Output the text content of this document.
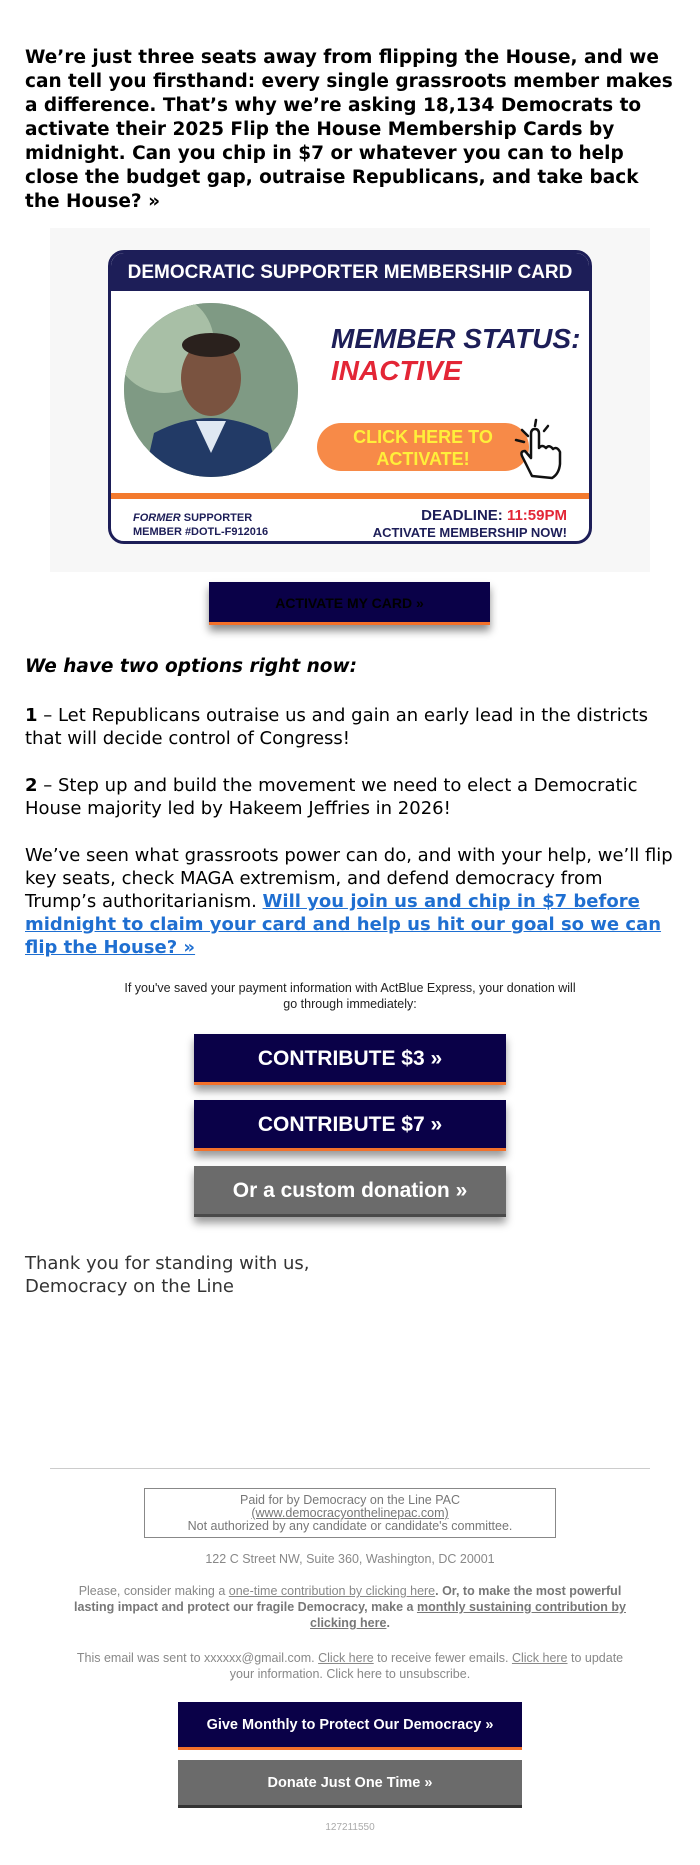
We’re just three seats away from flipping the House, and we can tell you firsthand: every single grassroots member makes a difference. That’s why we’re asking 18,134 Democrats to activate their 2025 Flip the House Membership Cards by midnight. Can you chip in $7 or whatever you can to help close the budget gap, outraise Republicans, and take back the House? »
DEMOCRATIC SUPPORTER MEMBERSHIP CARD
MEMBER STATUS:
INACTIVE
CLICK HERE TO
ACTIVATE!
FORMER SUPPORTER
MEMBER #DOTL-F912016
DEADLINE: 11:59PM
ACTIVATE MEMBERSHIP NOW!
ACTIVATE MY CARD »
We have two options right now:
1 – Let Republicans outraise us and gain an early lead in the districts that will decide control of Congress!
2 – Step up and build the movement we need to elect a Democratic House majority led by Hakeem Jeffries in 2026!
We’ve seen what grassroots power can do, and with your help, we’ll flip key seats, check MAGA extremism, and defend democracy from Trump’s authoritarianism. Will you join us and chip in $7 before midnight to claim your card and help us hit our goal so we can flip the House? »
If you've saved your payment information with ActBlue Express, your donation will go through immediately:
CONTRIBUTE $3 »
CONTRIBUTE $7 »
Or a custom donation »
Thank you for standing with us,
Democracy on the Line
Paid for by Democracy on the Line PAC
(www.democracyonthelinepac.com)
Not authorized by any candidate or candidate's committee.
122 C Street NW, Suite 360, Washington, DC 20001
Please, consider making a one-time contribution by clicking here. Or, to make the most powerful lasting impact and protect our fragile Democracy, make a monthly sustaining contribution by clicking here.
This email was sent to xxxxxx@gmail.com. Click here to receive fewer emails. Click here to update your information. Click here to unsubscribe.
Give Monthly to Protect Our Democracy »
Donate Just One Time »
127211550
